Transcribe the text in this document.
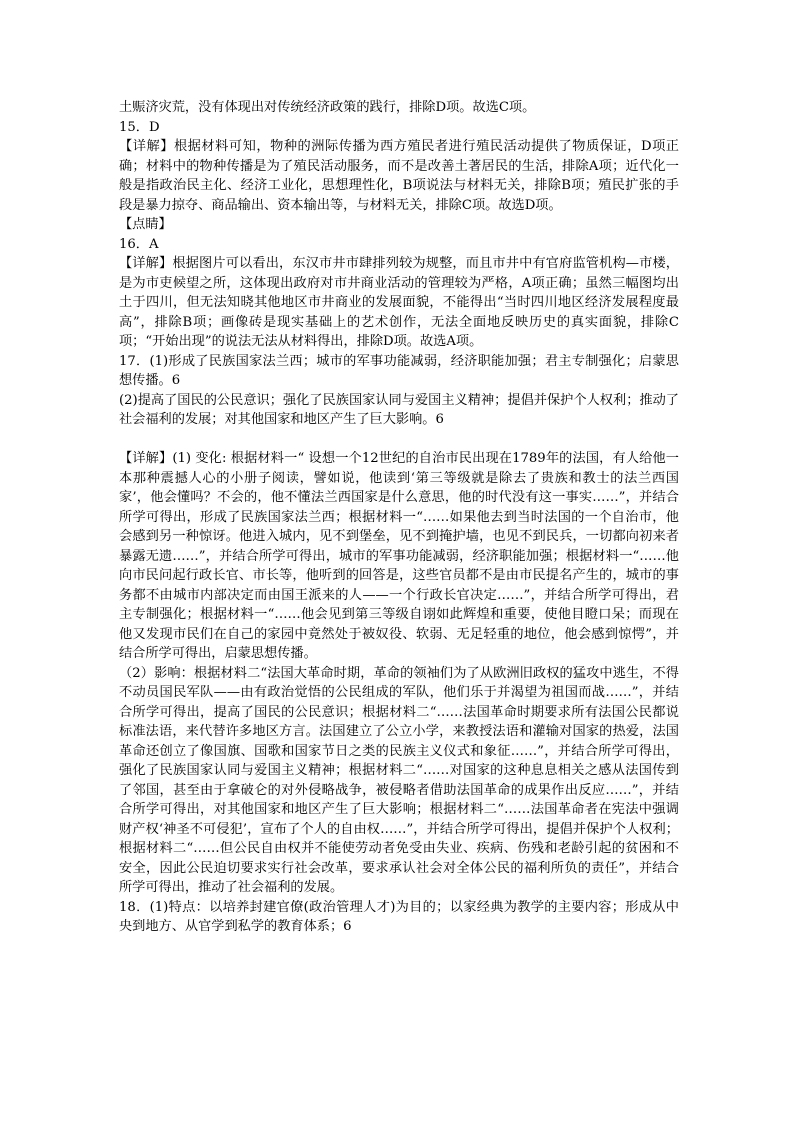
土赈济灾荒，没有体现出对传统经济政策的践行，排除D项。故选C项。

15．D

【详解】根据材料可知，物种的洲际传播为西方殖民者进行殖民活动提供了物质保证，D项正确；材料中的物种传播是为了殖民活动服务，而不是改善土著居民的生活，排除A项；近代化一般是指政治民主化、经济工业化，思想理性化，B项说法与材料无关，排除B项；殖民扩张的手段是暴力掠夺、商品输出、资本输出等，与材料无关，排除C项。故选D项。

【点睛】

16．A

【详解】根据图片可以看出，东汉市井市肆排列较为规整，而且市井中有官府监管机构—市楼，是为市吏候望之所，这体现出政府对市井商业活动的管理较为严格，A项正确；虽然三幅图均出土于四川，但无法知晓其他地区市井商业的发展面貌，不能得出“当时四川地区经济发展程度最高”，排除B项；画像砖是现实基础上的艺术创作，无法全面地反映历史的真实面貌，排除C项；“开始出现”的说法无法从材料得出，排除D项。故选A项。

17．(1)形成了民族国家法兰西；城市的军事功能减弱，经济职能加强；君主专制强化；启蒙思想传播。6

(2)提高了国民的公民意识；强化了民族国家认同与爱国主义精神；提倡并保护个人权利；推动了社会福利的发展；对其他国家和地区产生了巨大影响。6

【详解】(1) 变化: 根据材料一“ 设想一个12世纪的自治市民出现在1789年的法国，有人给他一本那种震撼人心的小册子阅读，譬如说，他读到‘第三等级就是除去了贵族和教士的法兰西国家’，他会懂吗？不会的，他不懂法兰西国家是什么意思，他的时代没有这一事实……”，并结合所学可得出，形成了民族国家法兰西；根据材料一“……如果他去到当时法国的一个自治市，他会感到另一种惊讶。他进入城内，见不到堡垒，见不到掩护墙，也见不到民兵，一切都向初来者暴露无遗……”，并结合所学可得出，城市的军事功能减弱，经济职能加强；根据材料一“……他向市民问起行政长官、市长等，他听到的回答是，这些官员都不是由市民提名产生的，城市的事务都不由城市内部决定而由国王派来的人——一个行政长官决定……”，并结合所学可得出，君主专制强化；根据材料一“……他会见到第三等级自诩如此辉煌和重要，使他目瞪口呆；而现在他又发现市民们在自己的家园中竟然处于被奴役、软弱、无足轻重的地位，他会感到惊愕”，并结合所学可得出，启蒙思想传播。

（2）影响：根据材料二“法国大革命时期，革命的领袖们为了从欧洲旧政权的猛攻中逃生，不得不动员国民军队——由有政治觉悟的公民组成的军队，他们乐于并渴望为祖国而战……”，并结合所学可得出，提高了国民的公民意识；根据材料二“……法国革命时期要求所有法国公民都说标准法语，来代替许多地区方言。法国建立了公立小学，来教授法语和灌输对国家的热爱，法国革命还创立了像国旗、国歌和国家节日之类的民族主义仪式和象征……”，并结合所学可得出，强化了民族国家认同与爱国主义精神；根据材料二“……对国家的这种息息相关之感从法国传到了邻国，甚至由于拿破仑的对外侵略战争，被侵略者借助法国革命的成果作出反应……”，并结合所学可得出，对其他国家和地区产生了巨大影响；根据材料二“……法国革命者在宪法中强调财产权‘神圣不可侵犯’，宣布了个人的自由权……”，并结合所学可得出，提倡并保护个人权利；根据材料二“……但公民自由权并不能使劳动者免受由失业、疾病、伤残和老龄引起的贫困和不安全，因此公民迫切要求实行社会改革，要求承认社会对全体公民的福利所负的责任”，并结合所学可得出，推动了社会福利的发展。

18．(1)特点：以培养封建官僚(政治管理人才)为目的；以家经典为教学的主要内容；形成从中央到地方、从官学到私学的教育体系；6
